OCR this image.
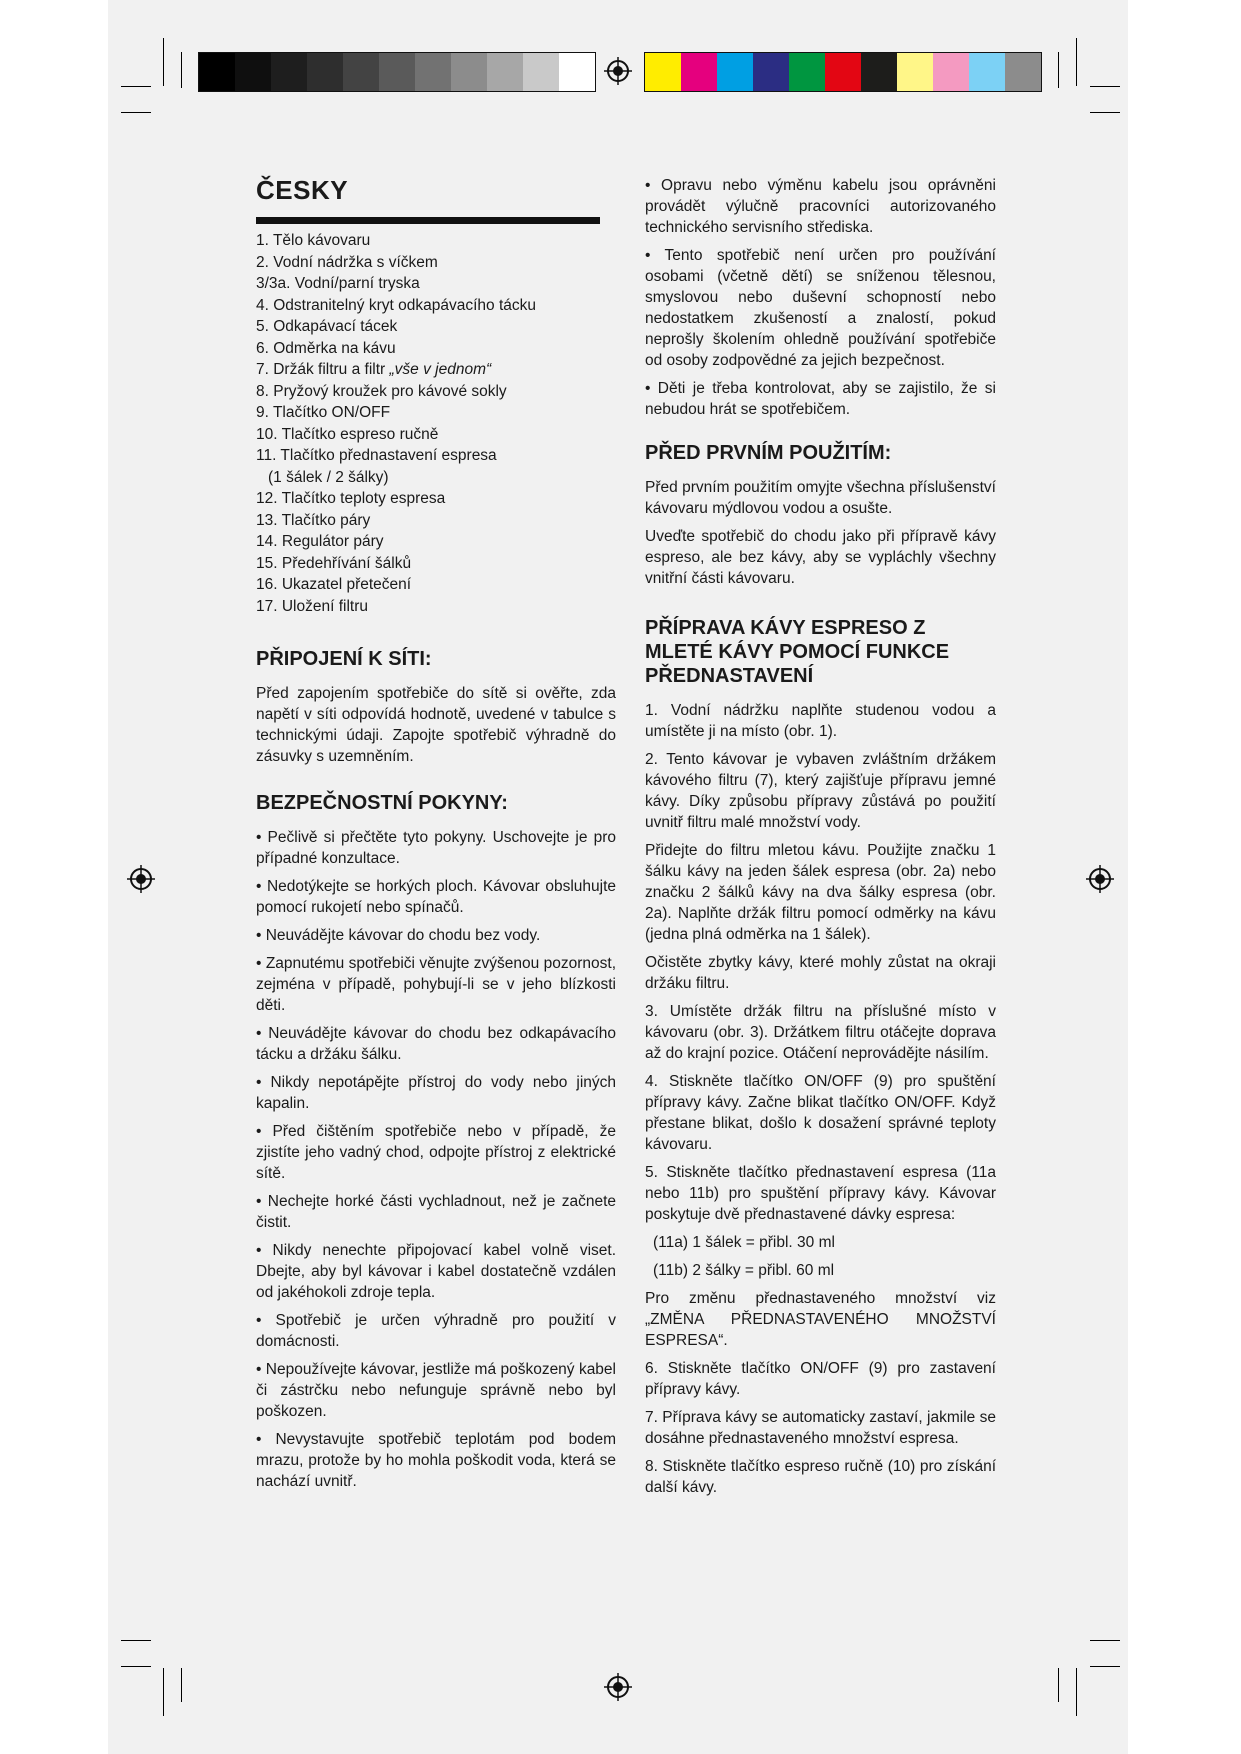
ČESKY
1. Tělo kávovaru
2. Vodní nádržka s víčkem
3/3a. Vodní/parní tryska
4. Odstranitelný kryt odkapávacího tácku
5. Odkapávací tácek
6. Odměrka na kávu
7. Držák filtru a filtr „vše v jednom“
8. Pryžový kroužek pro kávové sokly
9. Tlačítko ON/OFF
10. Tlačítko espreso ručně
11. Tlačítko přednastavení espresa
(1 šálek / 2 šálky)
12. Tlačítko teploty espresa
13. Tlačítko páry
14. Regulátor páry
15. Předehřívání šálků
16. Ukazatel přetečení
17. Uložení filtru
PŘIPOJENÍ K SÍTI:

Před zapojením spotřebiče do sítě si ověřte, zda napětí v síti odpovídá hodnotě, uvedené v tabulce s technickými údaji. Zapojte spotřebič výhradně do zásuvky s uzemněním.

BEZPEČNOSTNÍ POKYNY:

• Pečlivě si přečtěte tyto pokyny. Uschovejte je pro případné konzultace.

• Nedotýkejte se horkých ploch. Kávovar obsluhujte pomocí rukojetí nebo spínačů.

• Neuvádějte kávovar do chodu bez vody.

• Zapnutému spotřebiči věnujte zvýšenou pozornost, zejména v případě, pohybují-li se v jeho blízkosti děti.

• Neuvádějte kávovar do chodu bez odkapávacího tácku a držáku šálku.

• Nikdy nepotápějte přístroj do vody nebo jiných kapalin.

• Před čištěním spotřebiče nebo v případě, že zjistíte jeho vadný chod, odpojte přístroj z elektrické sítě.

• Nechejte horké části vychladnout, než je začnete čistit.

• Nikdy nenechte připojovací kabel volně viset. Dbejte, aby byl kávovar i kabel dostatečně vzdálen od jakéhokoli zdroje tepla.

• Spotřebič je určen výhradně pro použití v domácnosti.

• Nepoužívejte kávovar, jestliže má poškozený kabel či zástrčku nebo nefunguje správně nebo byl poškozen.

• Nevystavujte spotřebič teplotám pod bodem mrazu, protože by ho mohla poškodit voda, která se nachází uvnitř.

• Opravu nebo výměnu kabelu jsou oprávněni provádět výlučně pracovníci autorizovaného technického servisního střediska.

• Tento spotřebič není určen pro používání osobami (včetně dětí) se sníženou tělesnou, smyslovou nebo duševní schopností nebo nedostatkem zkušeností a znalostí, pokud neprošly školením ohledně používání spotřebiče od osoby zodpovědné za jejich bezpečnost.

• Děti je třeba kontrolovat, aby se zajistilo, že si nebudou hrát se spotřebičem.

PŘED PRVNÍM POUŽITÍM:

Před prvním použitím omyjte všechna příslušenství kávovaru mýdlovou vodou a osušte.

Uveďte spotřebič do chodu jako při přípravě kávy espreso, ale bez kávy, aby se vypláchly všechny vnitřní části kávovaru.

PŘÍPRAVA KÁVY ESPRESO Z MLETÉ KÁVY POMOCÍ FUNKCE PŘEDNASTAVENÍ

1. Vodní nádržku naplňte studenou vodou a umístěte ji na místo (obr. 1).

2. Tento kávovar je vybaven zvláštním držákem kávového filtru (7), který zajišťuje přípravu jemné kávy. Díky způsobu přípravy zůstává po použití uvnitř filtru malé množství vody.

Přidejte do filtru mletou kávu. Použijte značku 1 šálku kávy na jeden šálek espresa (obr. 2a) nebo značku 2 šálků kávy na dva šálky espresa (obr. 2a). Naplňte držák filtru pomocí odměrky na kávu (jedna plná odměrka na 1 šálek).

Očistěte zbytky kávy, které mohly zůstat na okraji držáku filtru.

3. Umístěte držák filtru na příslušné místo v kávovaru (obr. 3). Držátkem filtru otáčejte doprava až do krajní pozice. Otáčení neprovádějte násilím.

4. Stiskněte tlačítko ON/OFF (9) pro spuštění přípravy kávy. Začne blikat tlačítko ON/OFF. Když přestane blikat, došlo k dosažení správné teploty kávovaru.

5. Stiskněte tlačítko přednastavení espresa (11a nebo 11b) pro spuštění přípravy kávy. Kávovar poskytuje dvě přednastavené dávky espresa:

(11a) 1 šálek = přibl. 30 ml

(11b) 2 šálky = přibl. 60 ml

Pro změnu přednastaveného množství viz „ZMĚNA PŘEDNASTAVENÉHO MNOŽSTVÍ ESPRESA“.

6. Stiskněte tlačítko ON/OFF (9) pro zastavení přípravy kávy.

7. Příprava kávy se automaticky zastaví, jakmile se dosáhne přednastaveného množství espresa.

8. Stiskněte tlačítko espreso ručně (10) pro získání další kávy.
